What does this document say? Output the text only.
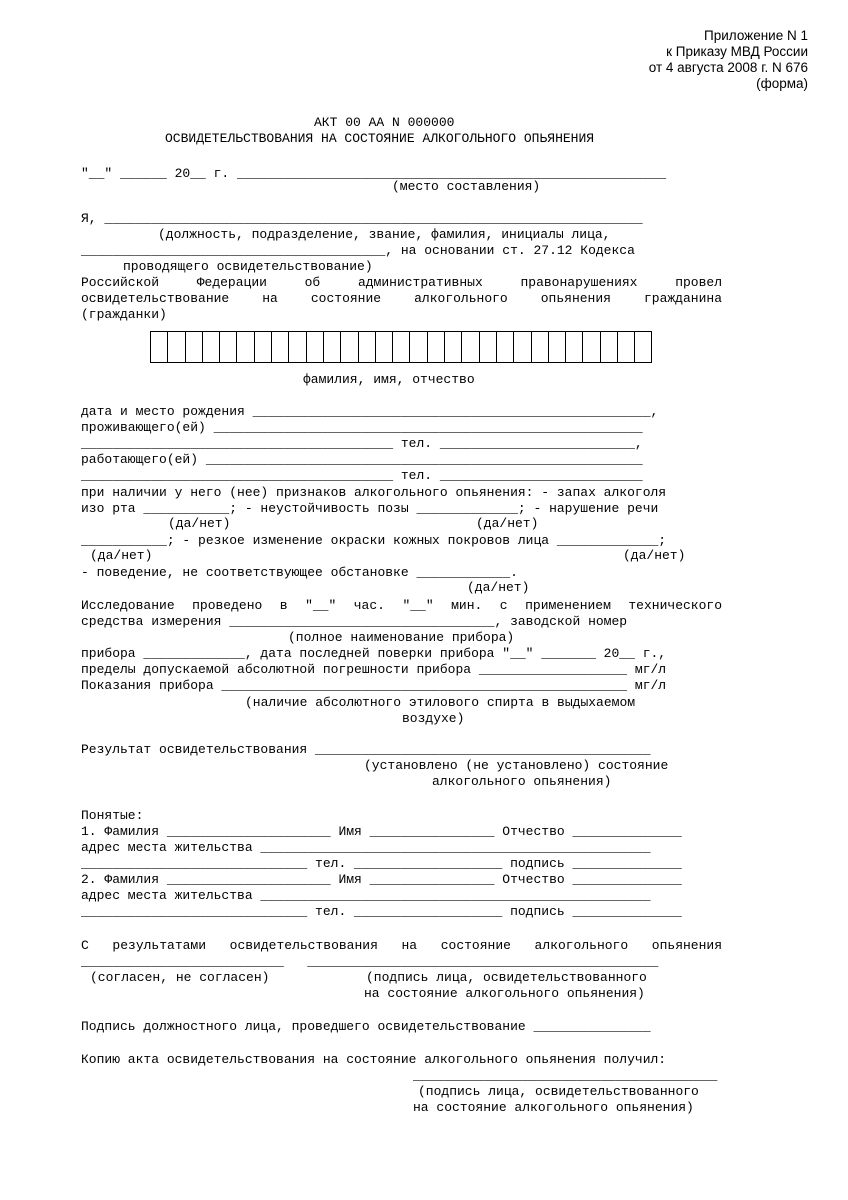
Приложение N 1
к Приказу МВД России
от 4 августа 2008 г. N 676
(форма)
АКТ 00 АА N 000000
ОСВИДЕТЕЛЬСТВОВАНИЯ НА СОСТОЯНИЕ АЛКОГОЛЬНОГО ОПЬЯНЕНИЯ
"__" ______ 20__ г. _______________________________________________________
(место составления)
Я, _____________________________________________________________________
(должность, подразделение, звание, фамилия, инициалы лица,
_______________________________________, на основании ст. 27.12 Кодекса
проводящего освидетельствование)
Российской Федерации об административных правонарушениях провел
освидетельствование на состояние алкогольного опьянения гражданина
(гражданки)
фамилия, имя, отчество
дата и место рождения ___________________________________________________,
проживающего(ей) _______________________________________________________
________________________________________ тел. _________________________,
работающего(ей) ________________________________________________________
________________________________________ тел. __________________________
при наличии у него (нее) признаков алкогольного опьянения: - запах алкоголя
изо рта ___________; - неустойчивость позы _____________; - нарушение речи
(да/нет)	(да/нет)
___________; - резкое изменение окраски кожных покровов лица _____________;
(да/нет)	(да/нет)
- поведение, не соответствующее обстановке ____________.
(да/нет)
Исследование проведено в "__" час. "__" мин. с применением технического
средства измерения __________________________________, заводской номер
(полное наименование прибора)
прибора _____________, дата последней поверки прибора "__" _______ 20__ г.,
пределы допускаемой абсолютной погрешности прибора ___________________ мг/л
Показания прибора ____________________________________________________ мг/л
(наличие абсолютного этилового спирта в выдыхаемом
воздухе)
Результат освидетельствования ___________________________________________
(установлено (не установлено) состояние
алкогольного опьянения)
Понятые:
1. Фамилия _____________________ Имя ________________ Отчество ______________
адрес места жительства __________________________________________________
_____________________________ тел. ___________________ подпись ______________
2. Фамилия _____________________ Имя ________________ Отчество ______________
адрес места жительства __________________________________________________
_____________________________ тел. ___________________ подпись ______________
С результатами освидетельствования на состояние алкогольного опьянения
__________________________   _____________________________________________
(согласен, не согласен)	(подпись лица, освидетельствованного
на состояние алкогольного опьянения)
Подпись должностного лица, проведшего освидетельствование _______________
Копию акта освидетельствования на состояние алкогольного опьянения получил:
_______________________________________
(подпись лица, освидетельствованного
на состояние алкогольного опьянения)
